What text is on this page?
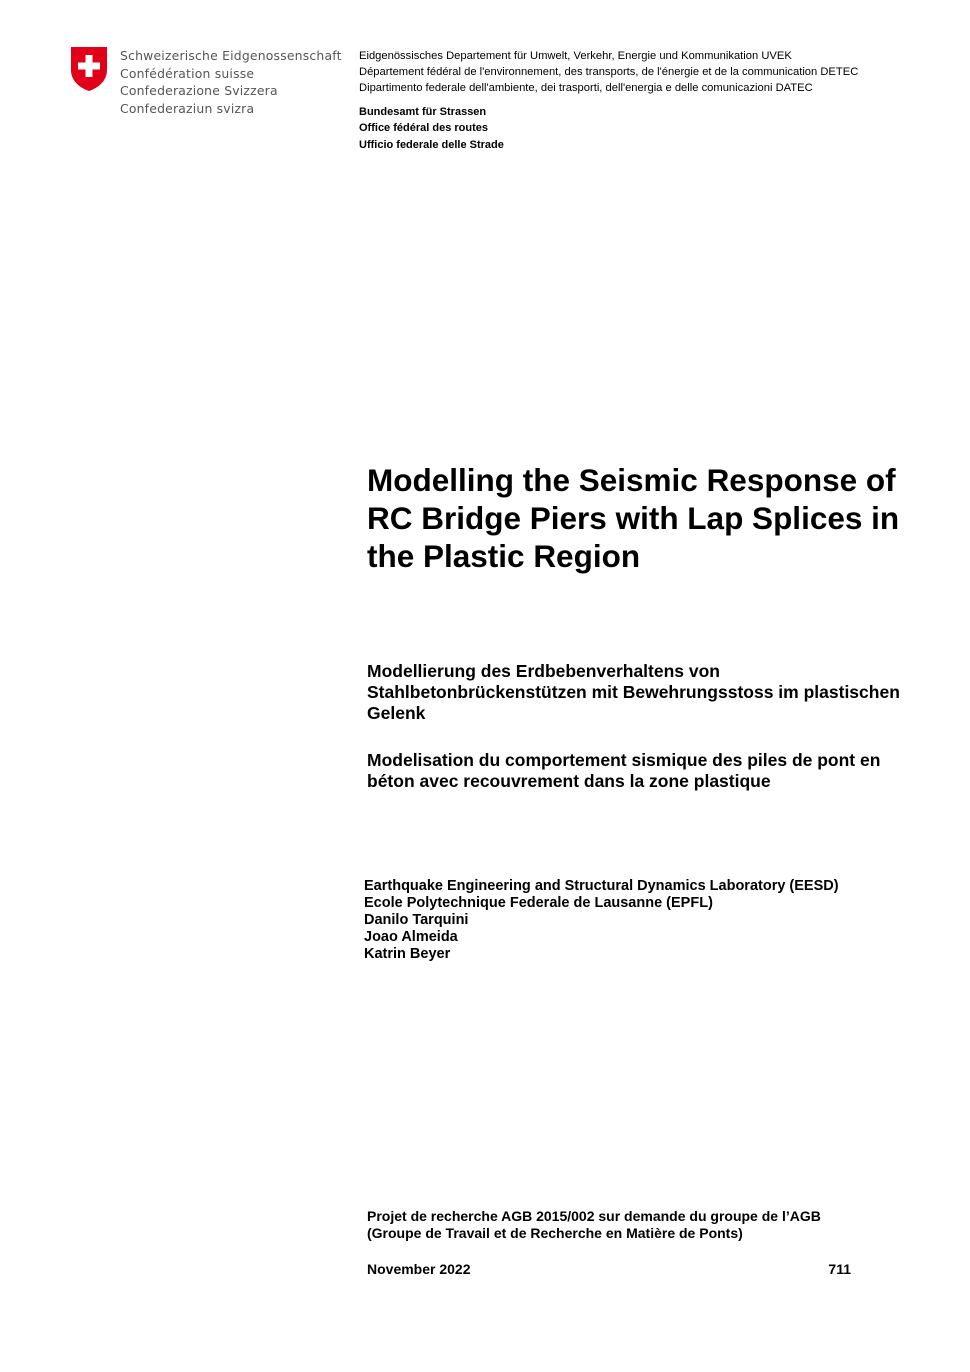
Schweizerische Eidgenossenschaft
Confédération suisse
Confederazione Svizzera
Confederaziun svizra
Eidgenössisches Departement für Umwelt, Verkehr, Energie und Kommunikation UVEK
Département fédéral de l'environnement, des transports, de l'énergie et de la communication DETEC
Dipartimento federale dell'ambiente, dei trasporti, dell'energia e delle comunicazioni DATEC
Bundesamt für Strassen
Office fédéral des routes
Ufficio federale delle Strade
Modelling the Seismic Response of RC Bridge Piers with Lap Splices in the Plastic Region

Modellierung des Erdbebenverhaltens von Stahlbetonbrückenstützen mit Bewehrungsstoss im plastischen Gelenk

Modelisation du comportement sismique des piles de pont en béton avec recouvrement dans la zone plastique

Earthquake Engineering and Structural Dynamics Laboratory (EESD)
Ecole Polytechnique Federale de Lausanne (EPFL)
Danilo Tarquini
Joao Almeida
Katrin Beyer
Projet de recherche AGB 2015/002 sur demande du groupe de l’AGB
(Groupe de Travail et de Recherche en Matière de Ponts)
November 2022	711
